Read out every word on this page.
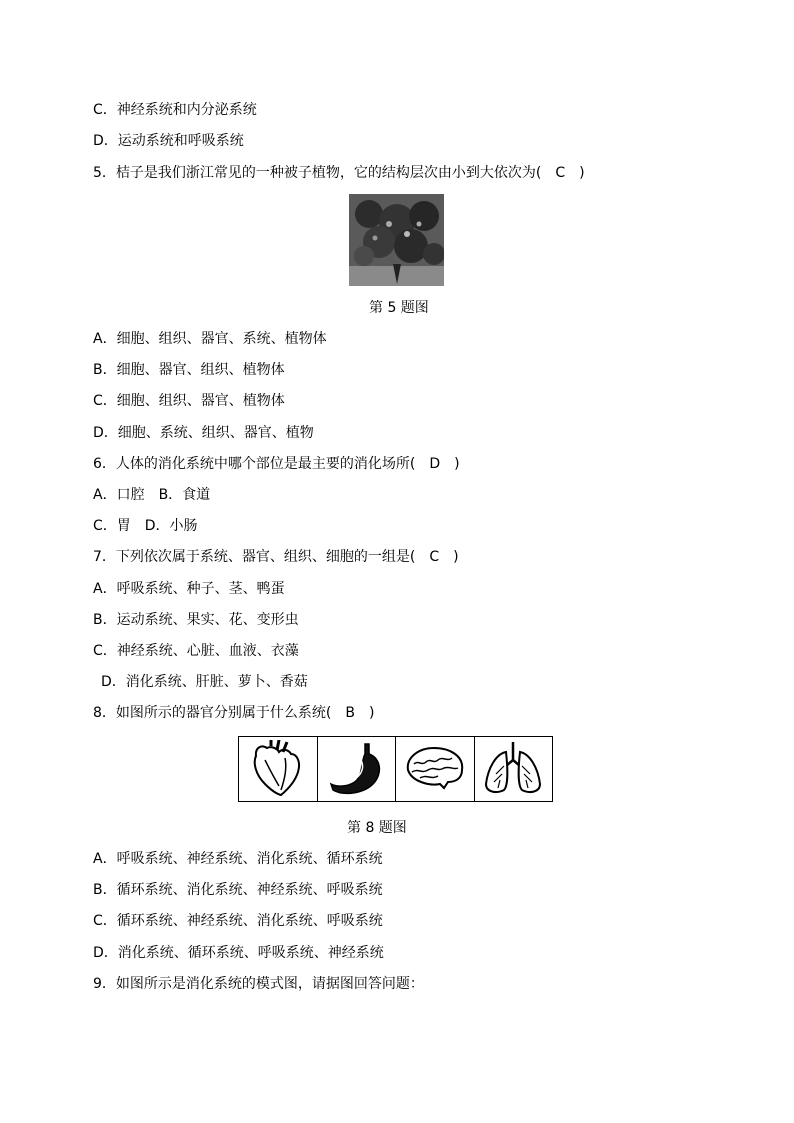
C．神经系统和内分泌系统
D．运动系统和呼吸系统
5．桔子是我们浙江常见的一种被子植物，它的结构层次由小到大依次为(　C　)
第 5 题图
A．细胞、组织、器官、系统、植物体
B．细胞、器官、组织、植物体
C．细胞、组织、器官、植物体
D．细胞、系统、组织、器官、植物
6．人体的消化系统中哪个部位是最主要的消化场所(　D　)
A．口腔　B．食道
C．胃　D．小肠
7．下列依次属于系统、器官、组织、细胞的一组是(　C　)
A．呼吸系统、种子、茎、鸭蛋
B．运动系统、果实、花、变形虫
C．神经系统、心脏、血液、衣藻
D．消化系统、肝脏、萝卜、香菇
8．如图所示的器官分别属于什么系统(　B　)
第 8 题图
A．呼吸系统、神经系统、消化系统、循环系统
B．循环系统、消化系统、神经系统、呼吸系统
C．循环系统、神经系统、消化系统、呼吸系统
D．消化系统、循环系统、呼吸系统、神经系统
9．如图所示是消化系统的模式图，请据图回答问题：
